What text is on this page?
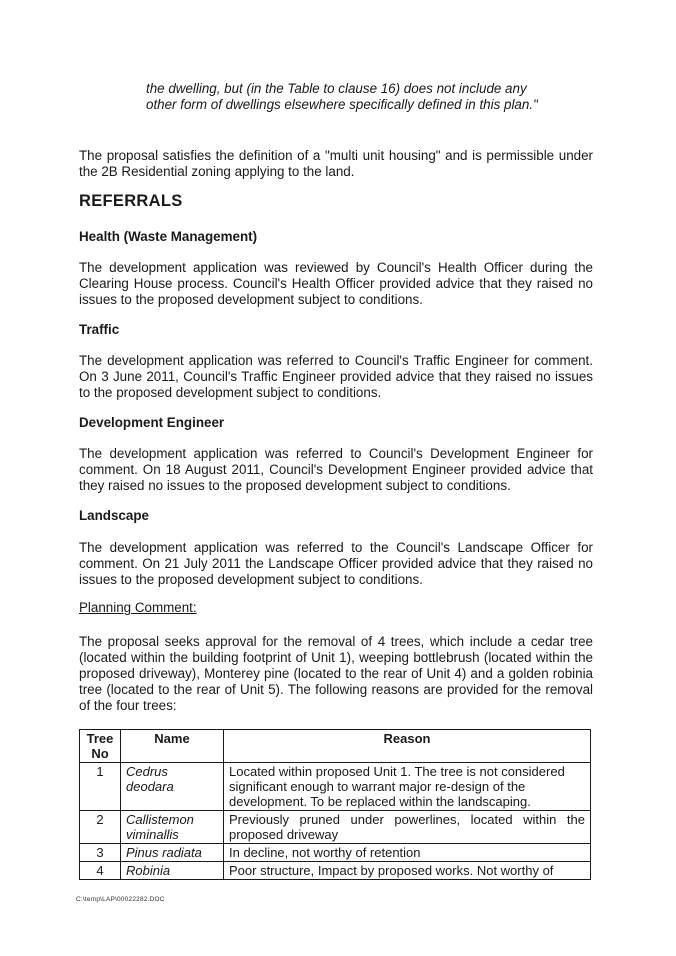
the dwelling, but (in the Table to clause 16) does not include any other form of dwellings elsewhere specifically defined in this plan."
The proposal satisfies the definition of a "multi unit housing" and is permissible under the 2B Residential zoning applying to the land.
REFERRALS
Health (Waste Management)
The development application was reviewed by Council's Health Officer during the Clearing House process. Council's Health Officer provided advice that they raised no issues to the proposed development subject to conditions.
Traffic
The development application was referred to Council's Traffic Engineer for comment. On 3 June 2011, Council's Traffic Engineer provided advice that they raised no issues to the proposed development subject to conditions.
Development Engineer
The development application was referred to Council's Development Engineer for comment. On 18 August 2011, Council's Development Engineer provided advice that they raised no issues to the proposed development subject to conditions.
Landscape
The development application was referred to the Council's Landscape Officer for comment. On 21 July 2011 the Landscape Officer provided advice that they raised no issues to the proposed development subject to conditions.
Planning Comment:
The proposal seeks approval for the removal of 4 trees, which include a cedar tree (located within the building footprint of Unit 1), weeping bottlebrush (located within the proposed driveway), Monterey pine (located to the rear of Unit 4) and a golden robinia tree (located to the rear of Unit 5). The following reasons are provided for the removal of the four trees:
Tree No	Name	Reason
1	Cedrus deodara	Located within proposed Unit 1. The tree is not considered significant enough to warrant major re-design of the development. To be replaced within the landscaping.
2	Callistemon viminallis	Previously pruned under powerlines, located within the proposed driveway
3	Pinus radiata	In decline, not worthy of retention
4	Robinia	Poor structure, Impact by proposed works. Not worthy of
C:\temp\LAP\00022282.DOC
